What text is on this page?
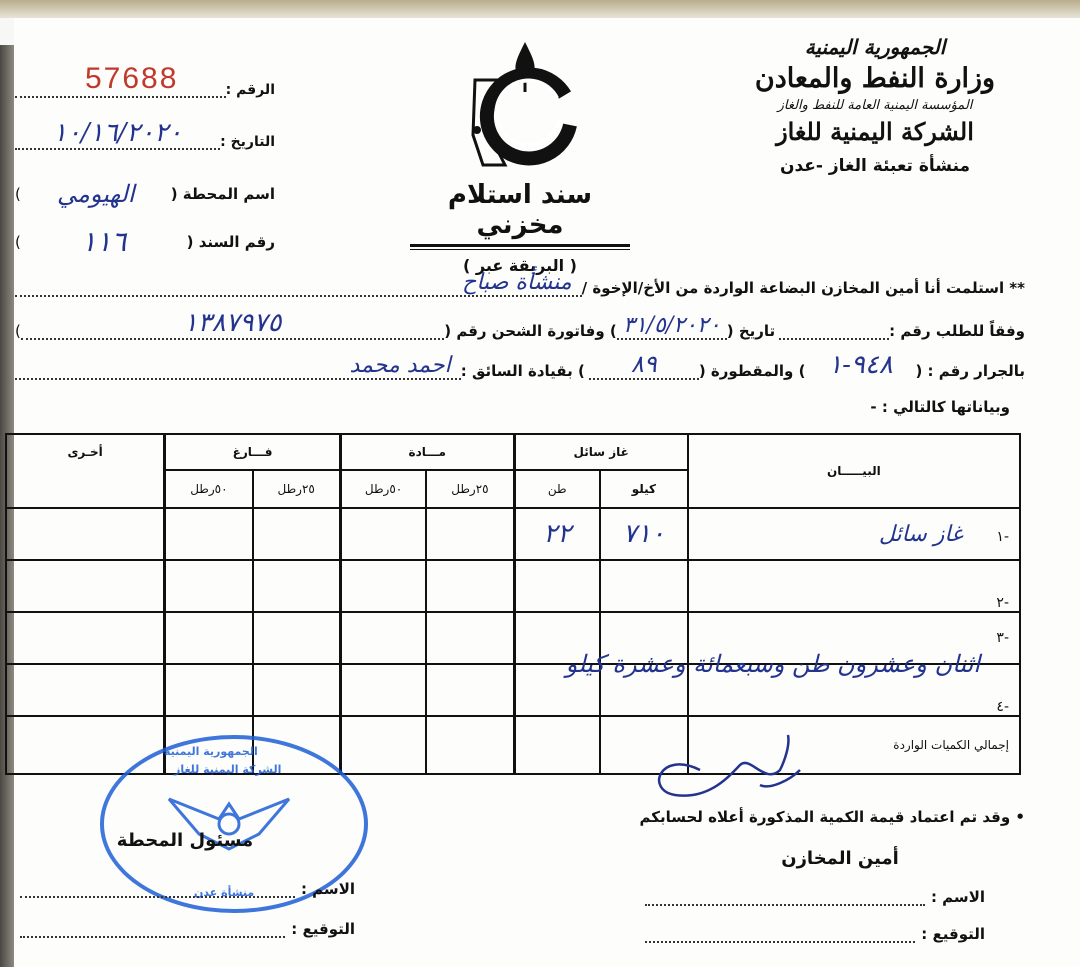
الجمهورية اليمنية
وزارة النفط والمعادن
المؤسسة اليمنية العامة للنفط والغاز
الشركة اليمنية للغاز
منشأة تعبئة الغاز -عدن
سند استلام مخزني
( البريقة عبر )
الرقم :
57688
التاريخ :
١٠/١٦/٢٠٢٠
اسم المحطة (
الهيومي
)
رقم السند (
١١٦
)
** استلمت أنا أمين المخازن البضاعة الواردة من الأخ/الإخوة /
منشأة صباح
وفقاً للطلب رقم :
تاريخ (
٣١/٥/٢٠٢٠
) وفاتورة الشحن رقم (
١٣٨٧٩٧٥
)
بالجرار رقم : (
٩٤٨-١
) والمقطورة (
٨٩
) بقيادة السائق :
احمد محمد
وبياناتها كالتالي : -
البيـــــان	غاز سائل		مـــادة		فـــارغ		أخـرى
	كيلو	طن	٢٥رطل	٥٠رطل	٢٥رطل	٥٠رطل	
-١ غاز سائل	٧١٠	٢٢					
-٢							
-٣							
-٤							
إجمالي الكميات الواردة							
اثنان وعشرون طن وسبعمائة وعشرة كيلو
• وقد تم اعتماد قيمة الكمية المذكورة أعلاه لحسابكم
أمين المخازن
الاسم :
التوقيع :
الجمهورية اليمنية
الشركة اليمنية للغاز
منشأة عدن
مسئول المحطة
الاسم :
التوقيع :
